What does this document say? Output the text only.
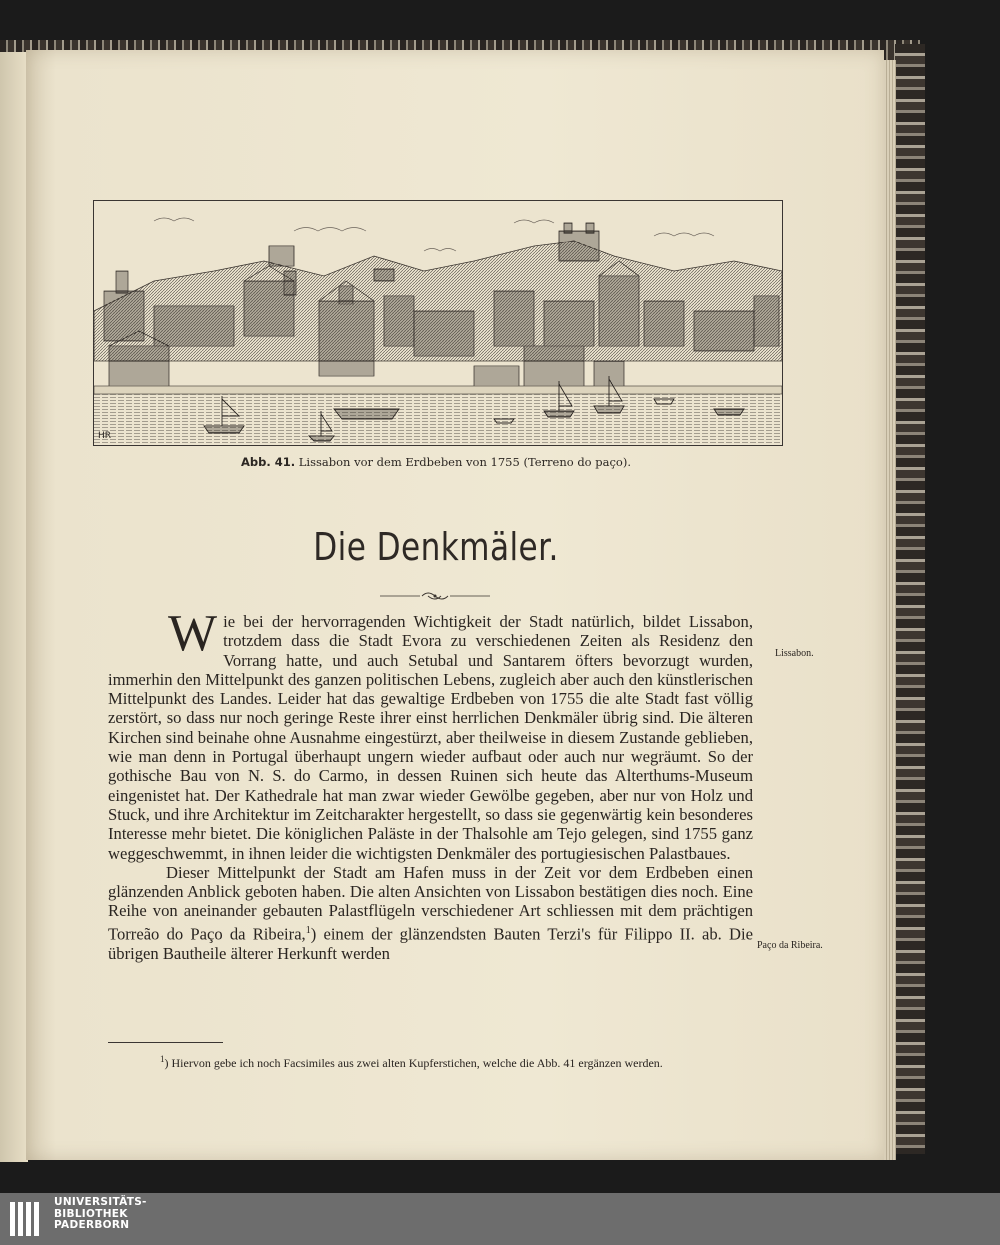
HR
Abb. 41. Lissabon vor dem Erdbeben von 1755 (Terreno do paço).
Die Denkmäler.

Wie bei der hervorragenden Wichtigkeit der Stadt natürlich, bildet Lissabon, trotzdem dass die Stadt Evora zu verschiedenen Zeiten als Residenz den Vorrang hatte, und auch Setubal und Santarem öfters bevorzugt wurden, immerhin den Mittelpunkt des ganzen politischen Lebens, zugleich aber auch den künstlerischen Mittelpunkt des Landes. Leider hat das gewaltige Erdbeben von 1755 die alte Stadt fast völlig zerstört, so dass nur noch geringe Reste ihrer einst herrlichen Denkmäler übrig sind. Die älteren Kirchen sind beinahe ohne Ausnahme eingestürzt, aber theilweise in diesem Zustande geblieben, wie man denn in Portugal überhaupt ungern wieder aufbaut oder auch nur wegräumt. So der gothische Bau von N. S. do Carmo, in dessen Ruinen sich heute das Alterthums-Museum eingenistet hat. Der Kathedrale hat man zwar wieder Gewölbe gegeben, aber nur von Holz und Stuck, und ihre Architektur im Zeitcharakter hergestellt, so dass sie gegenwärtig kein besonderes Interesse mehr bietet. Die königlichen Paläste in der Thalsohle am Tejo gelegen, sind 1755 ganz weggeschwemmt, in ihnen leider die wichtigsten Denkmäler des portugiesischen Palastbaues.

Dieser Mittelpunkt der Stadt am Hafen muss in der Zeit vor dem Erdbeben einen glänzenden Anblick geboten haben. Die alten Ansichten von Lissabon bestätigen dies noch. Eine Reihe von aneinander gebauten Palastflügeln verschiedener Art schliessen mit dem prächtigen Torreão do Paço da Ribeira,$^1$) einem der glänzendsten Bauten Terzi's für Filippo II. ab. Die übrigen Bautheile älterer Herkunft werden

Lissabon.
Paço da Ribeira.
$^1$) Hiervon gebe ich noch Facsimiles aus zwei alten Kupferstichen, welche die Abb. 41 ergänzen werden.
UNIVERSITÄTS-
BIBLIOTHEK
PADERBORN
